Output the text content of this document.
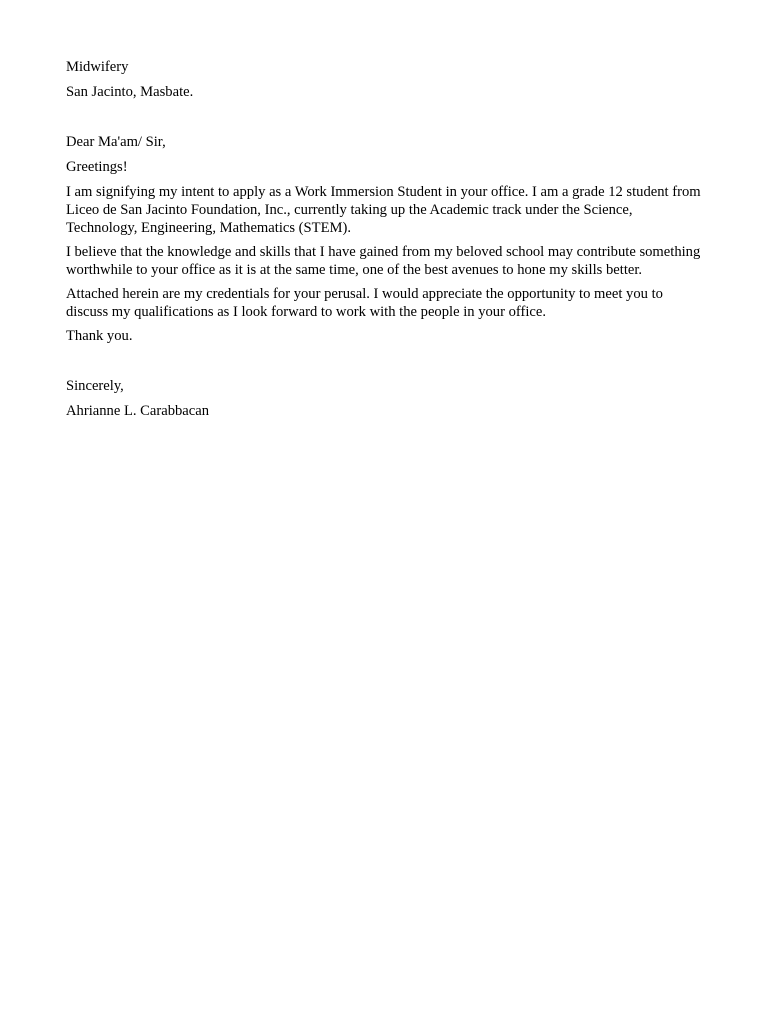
Midwifery
San Jacinto, Masbate.
Dear Ma'am/ Sir,
Greetings!
I am signifying my intent to apply as a Work Immersion Student in your office. I am a grade 12 student from Liceo de San Jacinto Foundation, Inc., currently taking up the Academic track under the Science, Technology, Engineering, Mathematics (STEM).
I believe that the knowledge and skills that I have gained from my beloved school may contribute something worthwhile to your office as it is at the same time, one of the best avenues to hone my skills better.
Attached herein are my credentials for your perusal. I would appreciate the opportunity to meet you to discuss my qualifications as I look forward to work with the people in your office.
Thank you.
Sincerely,
Ahrianne L. Carabbacan
